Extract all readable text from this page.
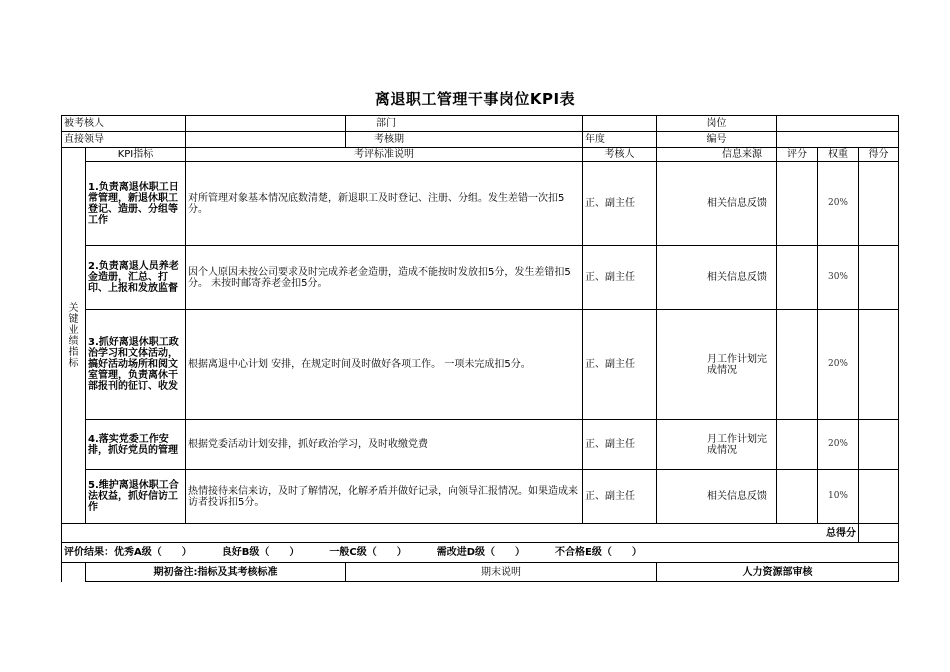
离退职工管理干事岗位KPI表
被考核人			部门		岗位			
直接领导			考核期	年度	编号			
关键业绩指标	KPI指标	考评标准说明		考核人	信息来源	评分	权重	得分
	1.负责离退休职工日常管理，新退休职工登记、造册、分组等工作	对所管理对象基本情况底数清楚，新退职工及时登记、注册、分组。发生差错一次扣5分。		正、副主任	相关信息反馈		20%	
	2.负责离退人员养老金造册，汇总、打印、上报和发放监督	因个人原因未按公司要求及时完成养老金造册，造成不能按时发放扣5分，发生差错扣5分。 未按时邮寄养老金扣5分。		正、副主任	相关信息反馈		30%	
	3.抓好离退休职工政治学习和文体活动，搞好活动场所和阅文室管理，负责离休干部报刊的征订、收发	根据离退中心计划 安排，在规定时间及时做好各项工作。 一项未完成扣5分。		正、副主任	月工作计划完成情况		20%	
	4.落实党委工作安排，抓好党员的管理	根据党委活动计划安排，抓好政治学习，及时收缴党费		正、副主任	月工作计划完成情况		20%	
	5.维护离退休职工合法权益，抓好信访工作	热情接待来信来访，及时了解情况，化解矛盾并做好记录，向领导汇报情况。如果造成来访者投诉扣5分。		正、副主任	相关信息反馈		10%	
总得分								
评价结果：优秀A级（　　） 良好B级（　　） 一般C级（　　） 需改进D级（　　） 不合格E级（　　）								
	期初备注:指标及其考核标准		期末说明		人力资源部审核			
